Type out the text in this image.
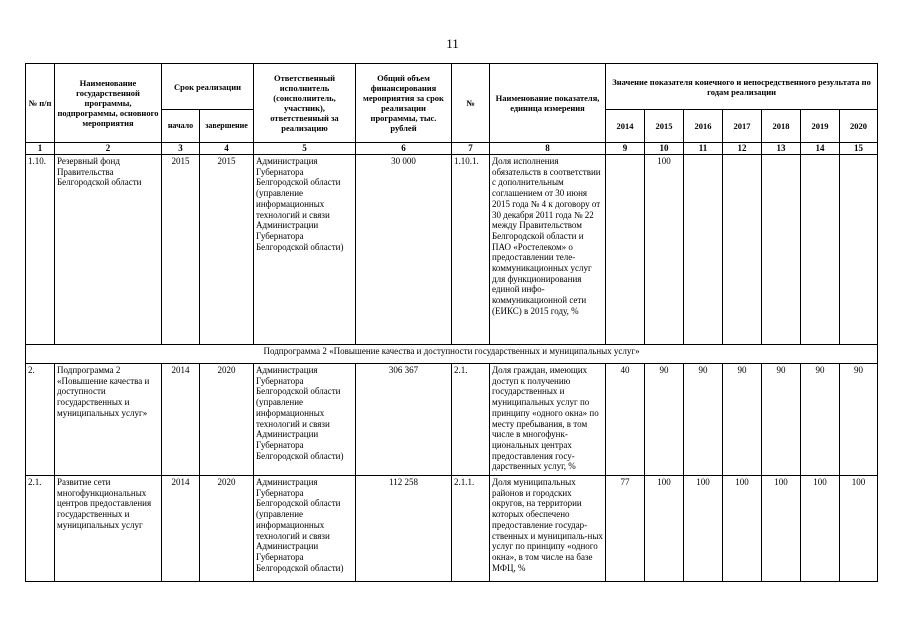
11
№ п/п	Наименование государственной программы, подпрограммы, основного мероприятия	Срок реализации		Ответственный исполнитель (соисполнитель, участник), ответственный за реализацию	Общий объем финансирования мероприятия за срок реализации программы, тыс. рублей	№	Наименование показателя, единица измерения	Значение показателя конечного и непосредственного результата по годам реализации						
		начало	завершение					2014	2015	2016	2017	2018	2019	2020
1	2	3	4	5	6	7	8	9	10	11	12	13	14	15
1.10.	Резервный фонд Правительства Белгородской области	2015	2015	Администрация Губернатора Белгородской области (управление информационных технологий и связи Администрации Губернатора Белгородской области)	30 000	1.10.1.	Доля исполнения обязательств в соответствии с дополнительным соглашением от 30 июня 2015 года № 4 к договору от 30 декабря 2011 года № 22 между Правительством Белгородской области и ПАО «Ростелеком» о предоставлении теле-коммуникационных услуг для функционирования единой инфо-коммуникационной сети (ЕИКС) в 2015 году, %		100					
Подпрограмма 2 «Повышение качества и доступности государственных и муниципальных услуг»														
2.	Подпрограмма 2 «Повышение качества и доступности государственных и муниципальных услуг»	2014	2020	Администрация Губернатора Белгородской области (управление информационных технологий и связи Администрации Губернатора Белгородской области)	306 367	2.1.	Доля граждан, имеющих доступ к получению государственных и муниципальных услуг по принципу «одного окна» по месту пребывания, в том числе в многофунк-циональных центрах предоставления госу-дарственных услуг, %	40	90	90	90	90	90	90
2.1.	Развитие сети многофункциональных центров предоставления государственных и муниципальных услуг	2014	2020	Администрация Губернатора Белгородской области (управление информационных технологий и связи Администрации Губернатора Белгородской области)	112 258	2.1.1.	Доля муниципальных районов и городских округов, на территории которых обеспечено предоставление государ-ственных и муниципаль-ных услуг по принципу «одного окна», в том числе на базе МФЦ, %	77	100	100	100	100	100	100
